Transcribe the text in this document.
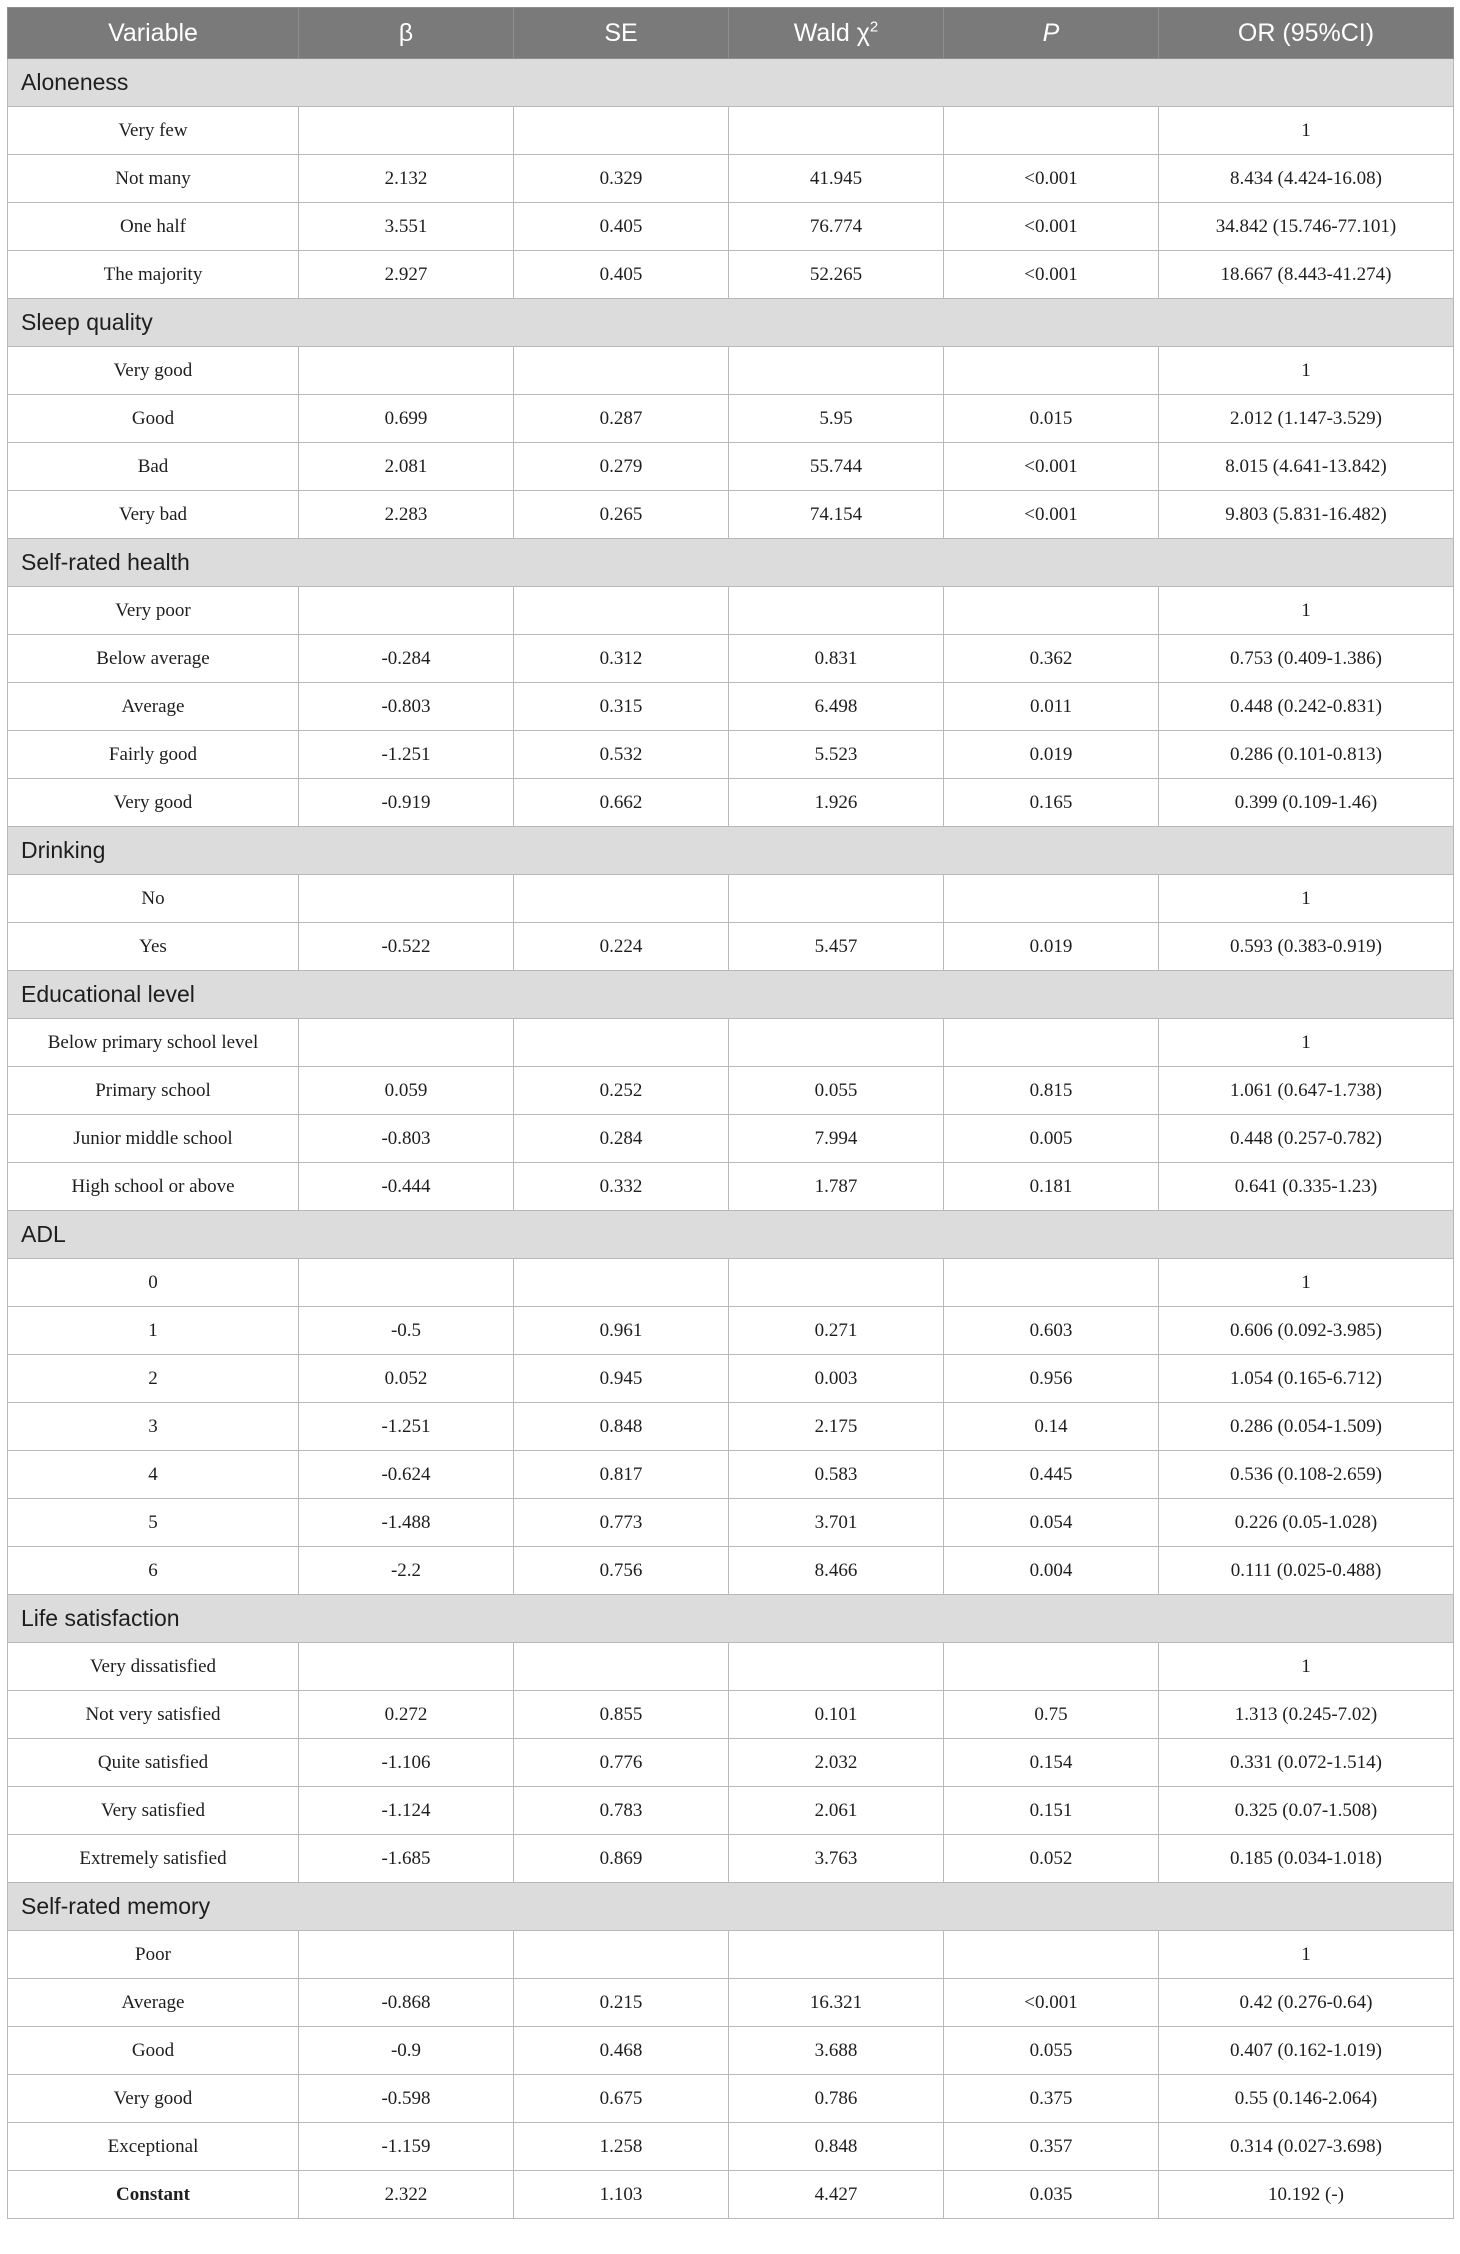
Variable	β	SE	Wald $\chi^2$	P	OR (95%CI)
Aloneness					
Very few					1
Not many	2.132	0.329	41.945	<0.001	8.434 (4.424-16.08)
One half	3.551	0.405	76.774	<0.001	34.842 (15.746-77.101)
The majority	2.927	0.405	52.265	<0.001	18.667 (8.443-41.274)
Sleep quality					
Very good					1
Good	0.699	0.287	5.95	0.015	2.012 (1.147-3.529)
Bad	2.081	0.279	55.744	<0.001	8.015 (4.641-13.842)
Very bad	2.283	0.265	74.154	<0.001	9.803 (5.831-16.482)
Self-rated health					
Very poor					1
Below average	-0.284	0.312	0.831	0.362	0.753 (0.409-1.386)
Average	-0.803	0.315	6.498	0.011	0.448 (0.242-0.831)
Fairly good	-1.251	0.532	5.523	0.019	0.286 (0.101-0.813)
Very good	-0.919	0.662	1.926	0.165	0.399 (0.109-1.46)
Drinking					
No					1
Yes	-0.522	0.224	5.457	0.019	0.593 (0.383-0.919)
Educational level					
Below primary school level					1
Primary school	0.059	0.252	0.055	0.815	1.061 (0.647-1.738)
Junior middle school	-0.803	0.284	7.994	0.005	0.448 (0.257-0.782)
High school or above	-0.444	0.332	1.787	0.181	0.641 (0.335-1.23)
ADL					
0					1
1	-0.5	0.961	0.271	0.603	0.606 (0.092-3.985)
2	0.052	0.945	0.003	0.956	1.054 (0.165-6.712)
3	-1.251	0.848	2.175	0.14	0.286 (0.054-1.509)
4	-0.624	0.817	0.583	0.445	0.536 (0.108-2.659)
5	-1.488	0.773	3.701	0.054	0.226 (0.05-1.028)
6	-2.2	0.756	8.466	0.004	0.111 (0.025-0.488)
Life satisfaction					
Very dissatisfied					1
Not very satisfied	0.272	0.855	0.101	0.75	1.313 (0.245-7.02)
Quite satisfied	-1.106	0.776	2.032	0.154	0.331 (0.072-1.514)
Very satisfied	-1.124	0.783	2.061	0.151	0.325 (0.07-1.508)
Extremely satisfied	-1.685	0.869	3.763	0.052	0.185 (0.034-1.018)
Self-rated memory					
Poor					1
Average	-0.868	0.215	16.321	<0.001	0.42 (0.276-0.64)
Good	-0.9	0.468	3.688	0.055	0.407 (0.162-1.019)
Very good	-0.598	0.675	0.786	0.375	0.55 (0.146-2.064)
Exceptional	-1.159	1.258	0.848	0.357	0.314 (0.027-3.698)
Constant	2.322	1.103	4.427	0.035	10.192 (-)
